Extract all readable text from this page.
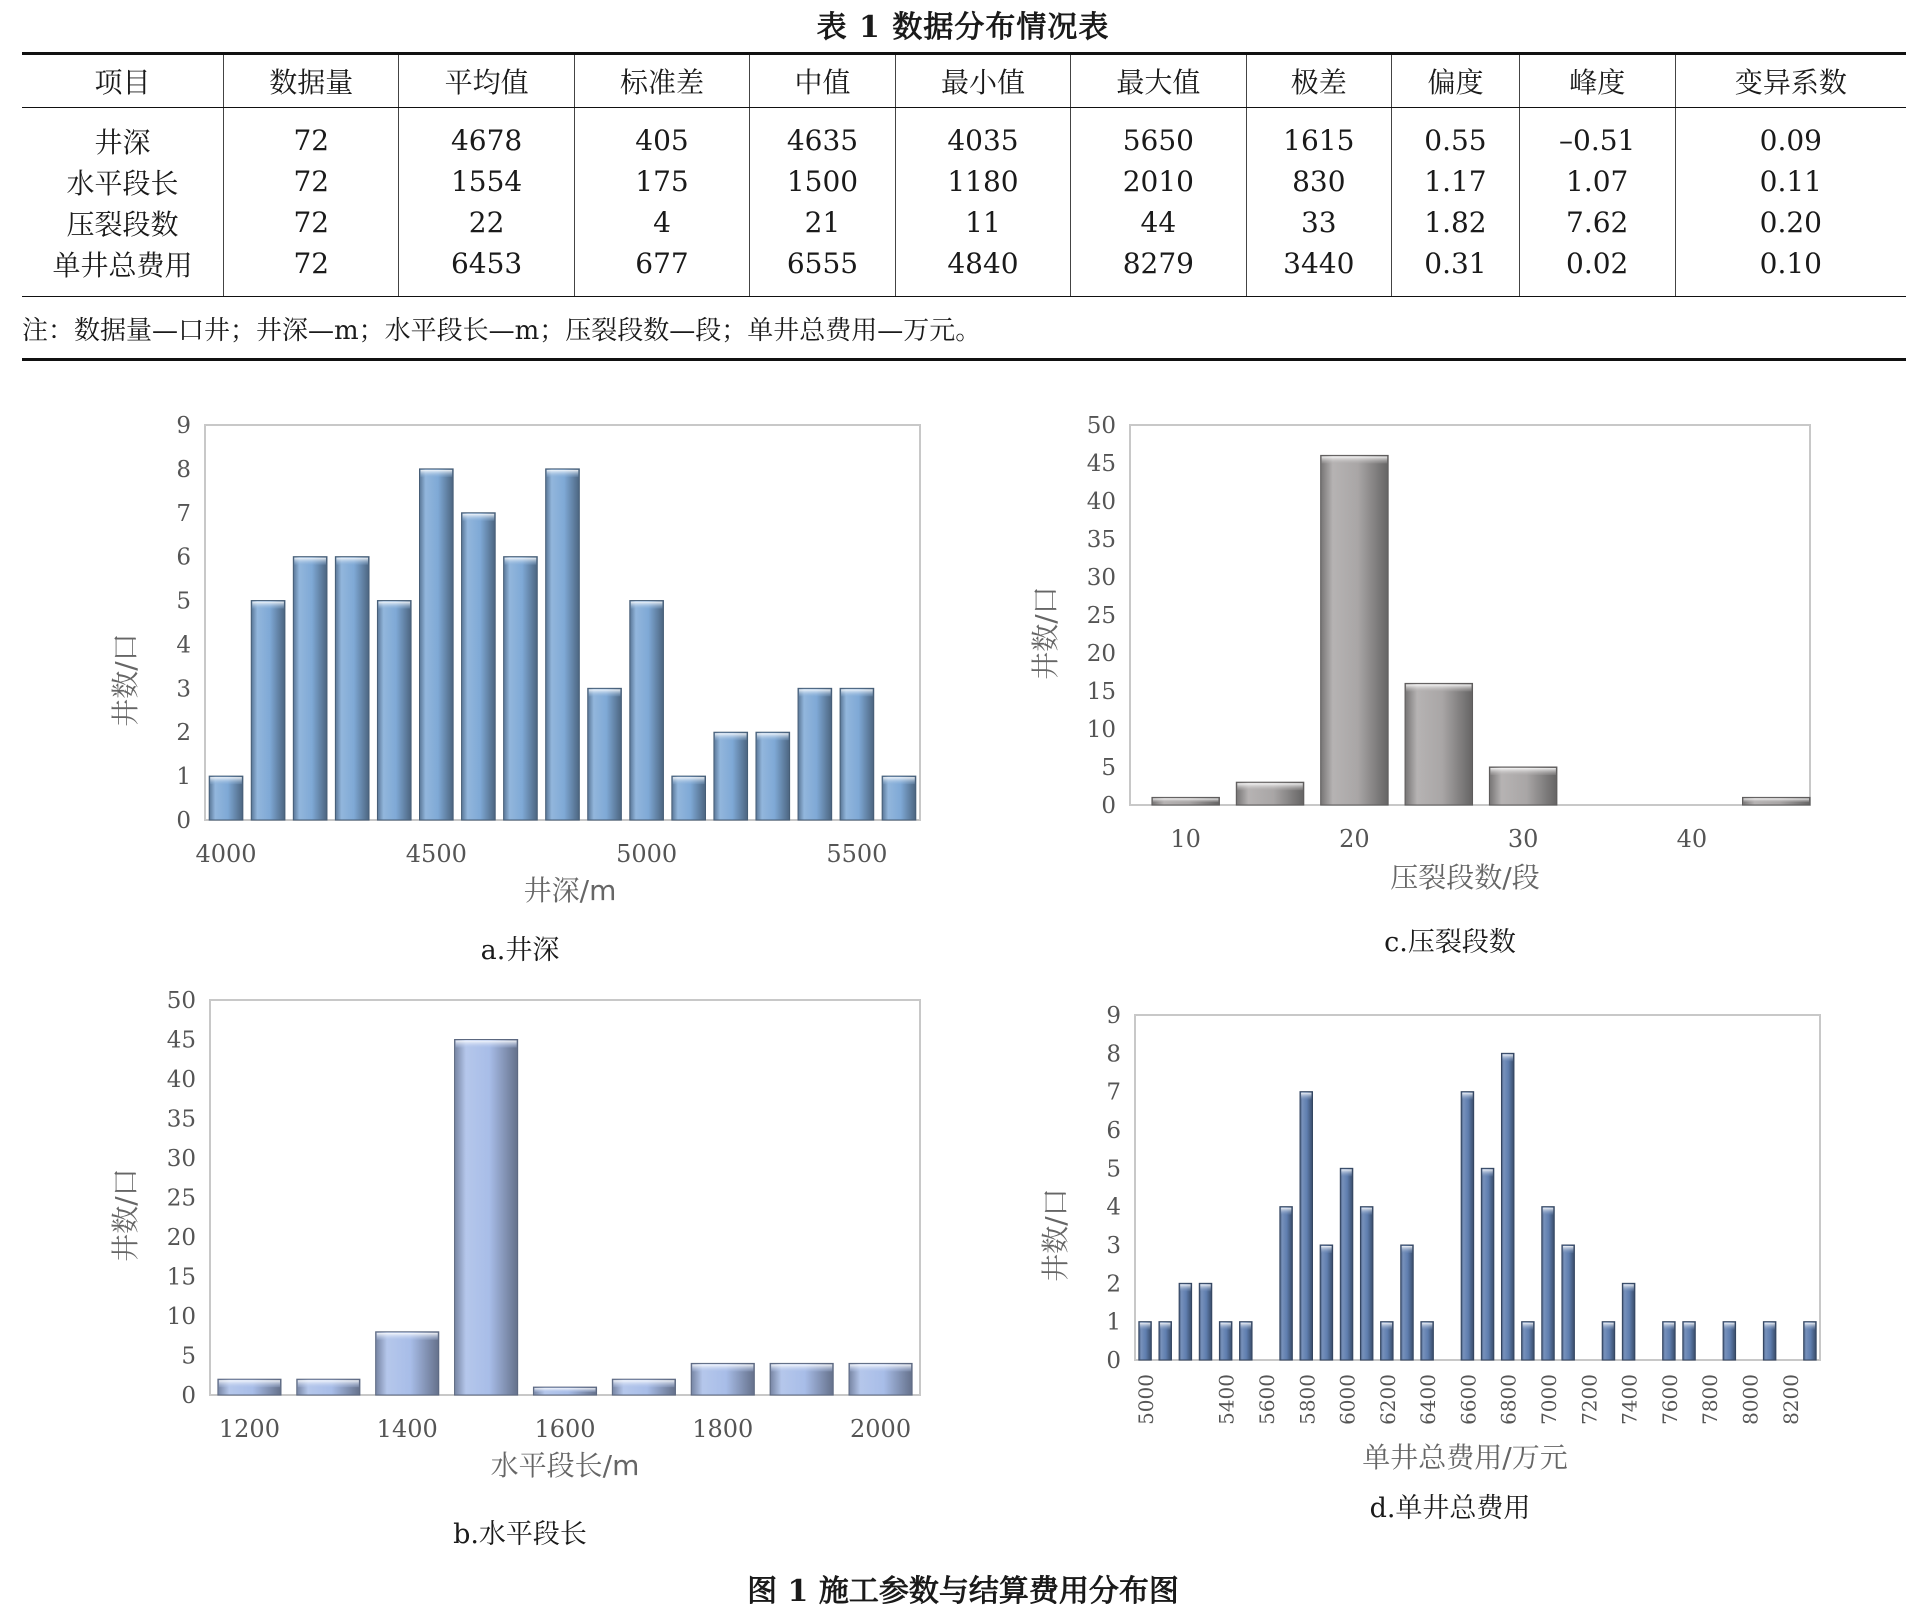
表 1 数据分布情况表
项目	数据量	平均值	标准差	中值	最小值	最大值	极差	偏度	峰度	变异系数
井深	72	4678	405	4635	4035	5650	1615	0.55	–0.51	0.09
水平段长	72	1554	175	1500	1180	2010	830	1.17	1.07	0.11
压裂段数	72	22	4	21	11	44	33	1.82	7.62	0.20
单井总费用	72	6453	677	6555	4840	8279	3440	0.31	0.02	0.10
注：数据量—口井；井深—m；水平段长—m；压裂段数—段；单井总费用—万元。
0
1
2
3
4
5
6
7
8
9
4000	4500	5000	5500
井数/口
井深/m
0
5
10
15
20
25
30
35
40
45
50
10	20	30	40
井数/口
压裂段数/段
0
5
10
15
20
25
30
35
40
45
50
1200	1400	1600	1800	2000
井数/口
水平段长/m
0
1
2
3
4
5
6
7
8
9
5000	5400 5600 5800 6000 6200 6400 6600 6800 7000 7200 7400 7600 7800 8000 8200
井数/口
单井总费用/万元
a.井深	c.压裂段数
b.水平段长
d.单井总费用
图 1 施工参数与结算费用分布图
